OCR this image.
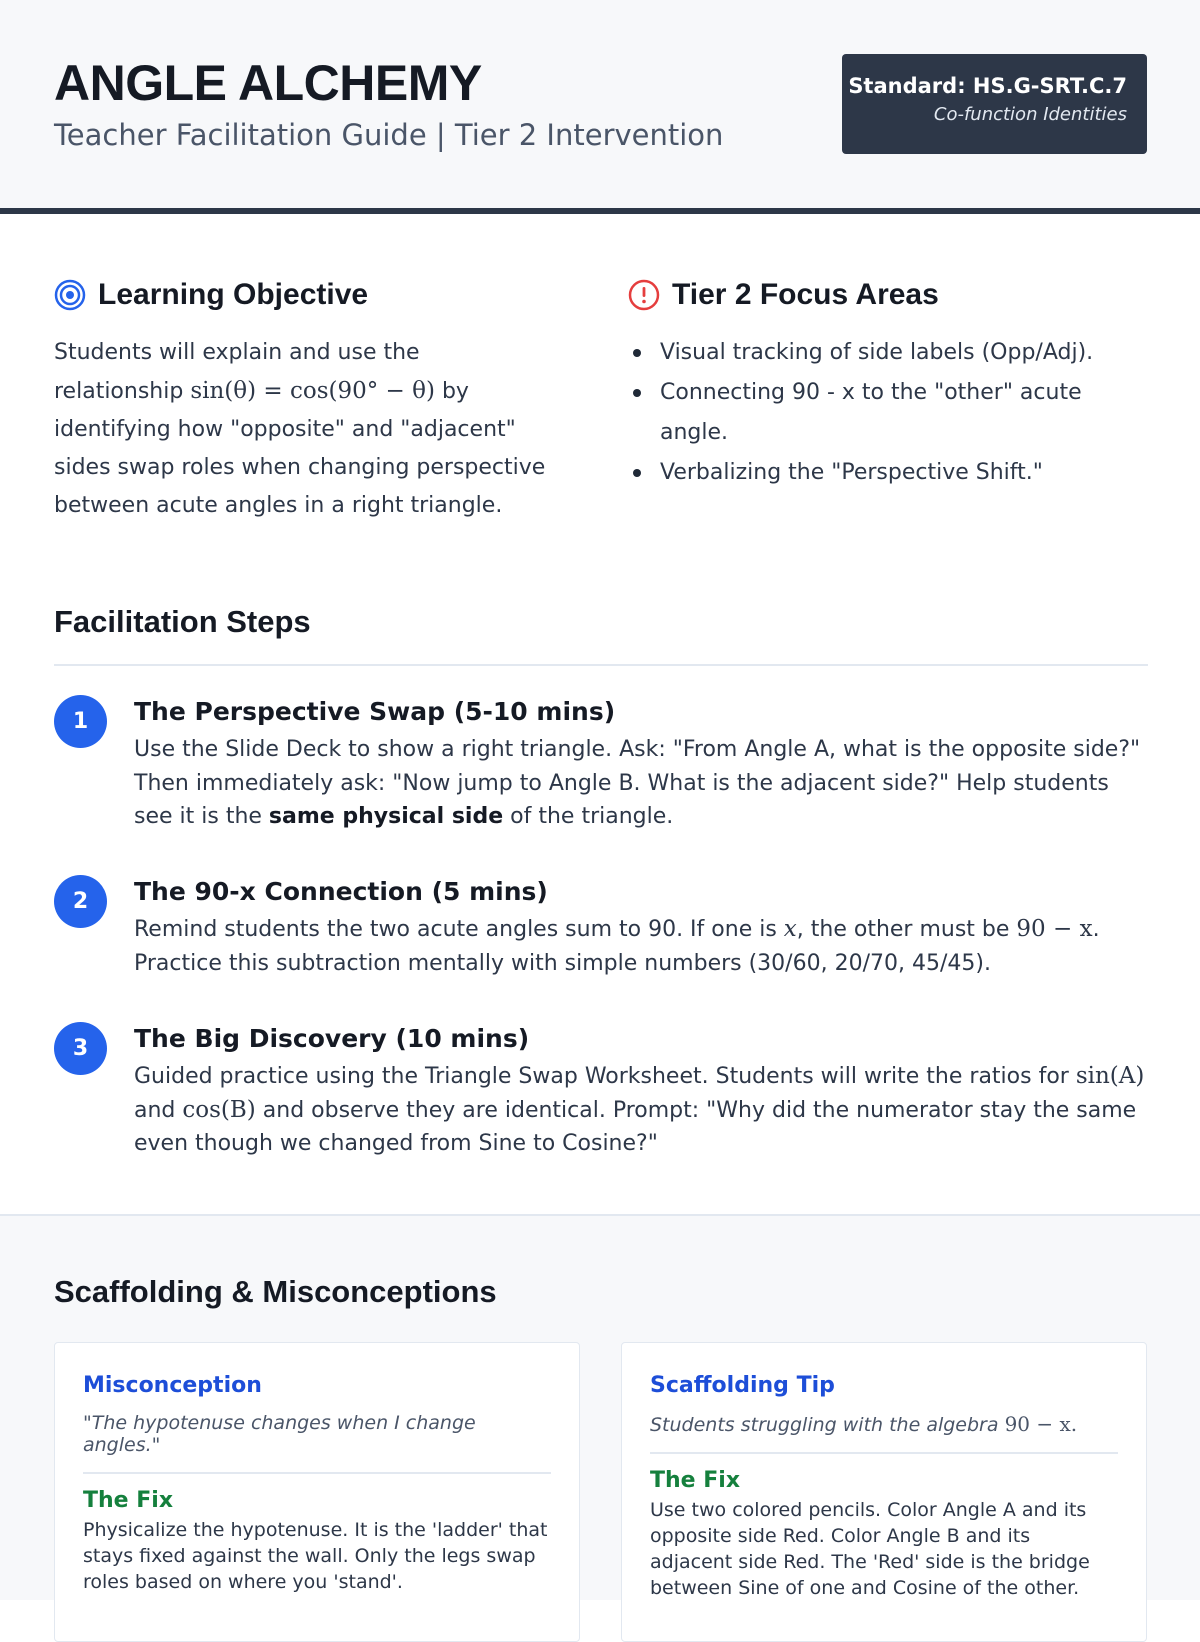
ANGLE ALCHEMY
Teacher Facilitation Guide | Tier 2 Intervention
Standard: HS.G-SRT.C.7
Co-function Identities
Learning Objective
Students will explain and use the relationship sin(θ) = cos(90° − θ) by identifying how "opposite" and "adjacent" sides swap roles when changing perspective between acute angles in a right triangle.
Tier 2 Focus Areas
Visual tracking of side labels (Opp/Adj).
Connecting 90 - x to the "other" acute angle.
Verbalizing the "Perspective Shift."
Facilitation Steps
1	The Perspective Swap (5-10 mins)
Use the Slide Deck to show a right triangle. Ask: "From Angle A, what is the opposite side?" Then immediately ask: "Now jump to Angle B. What is the adjacent side?" Help students see it is the same physical side of the triangle.
2	The 90-x Connection (5 mins)
Remind students the two acute angles sum to 90. If one is x, the other must be 90 − x. Practice this subtraction mentally with simple numbers (30/60, 20/70, 45/45).
3	The Big Discovery (10 mins)
Guided practice using the Triangle Swap Worksheet. Students will write the ratios for sin(A) and cos(B) and observe they are identical. Prompt: "Why did the numerator stay the same even though we changed from Sine to Cosine?"
Scaffolding & Misconceptions
Misconception
"The hypotenuse changes when I change angles."
The Fix
Physicalize the hypotenuse. It is the 'ladder' that stays fixed against the wall. Only the legs swap roles based on where you 'stand'.
Scaffolding Tip
Students struggling with the algebra 90 − x.
The Fix
Use two colored pencils. Color Angle A and its opposite side Red. Color Angle B and its adjacent side Red. The 'Red' side is the bridge between Sine of one and Cosine of the other.
